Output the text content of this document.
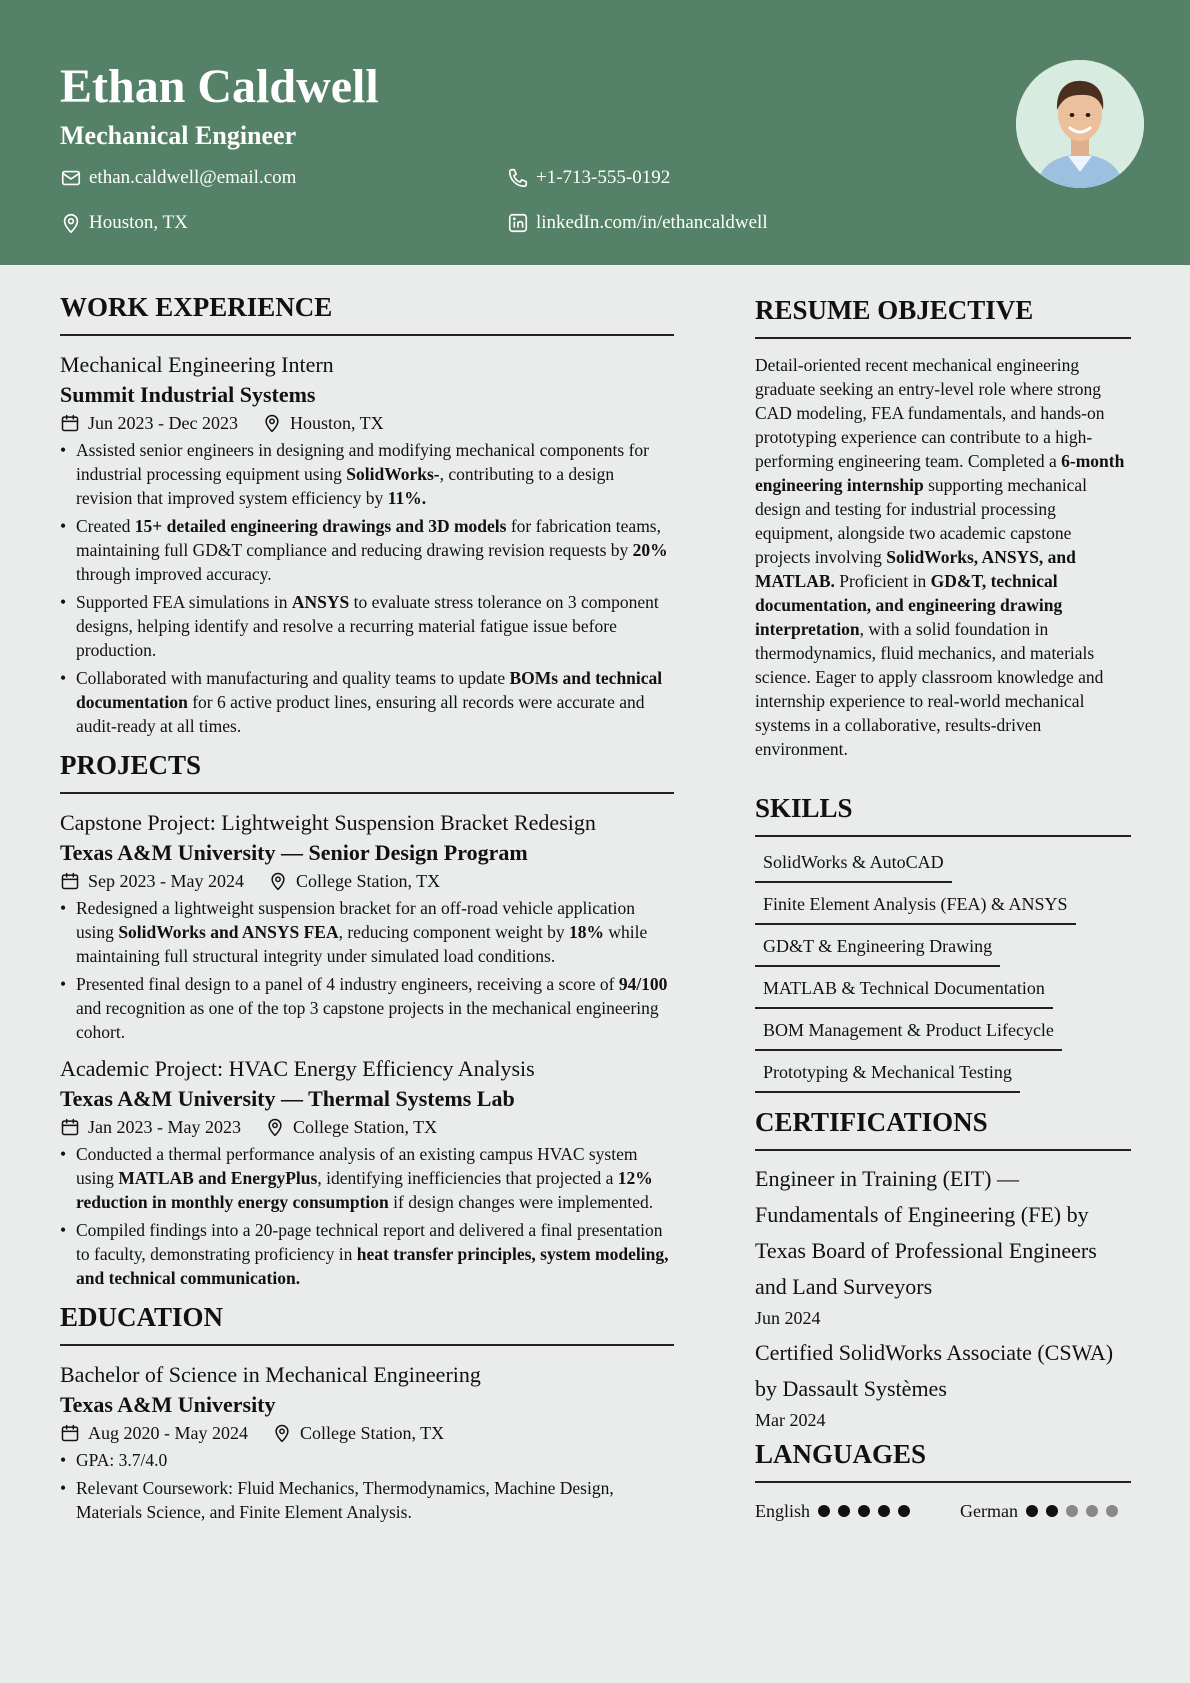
Ethan Caldwell
Mechanical Engineer
ethan.caldwell@email.com	+1-713-555-0192
Houston, TX	linkedIn.com/in/ethancaldwell
WORK EXPERIENCE
Mechanical Engineering Intern
Summit Industrial Systems
Jun 2023 - Dec 2023	Houston, TX
• Assisted senior engineers in designing and modifying mechanical components for industrial processing equipment using SolidWorks-, contributing to a design revision that improved system efficiency by 11%.
• Created 15+ detailed engineering drawings and 3D models for fabrication teams, maintaining full GD&T compliance and reducing drawing revision requests by 20% through improved accuracy.
• Supported FEA simulations in ANSYS to evaluate stress tolerance on 3 component designs, helping identify and resolve a recurring material fatigue issue before production.
• Collaborated with manufacturing and quality teams to update BOMs and technical documentation for 6 active product lines, ensuring all records were accurate and audit-ready at all times.
PROJECTS
Capstone Project: Lightweight Suspension Bracket Redesign
Texas A&M University — Senior Design Program
Sep 2023 - May 2024	College Station, TX
• Redesigned a lightweight suspension bracket for an off-road vehicle application using SolidWorks and ANSYS FEA, reducing component weight by 18% while maintaining full structural integrity under simulated load conditions.
• Presented final design to a panel of 4 industry engineers, receiving a score of 94/100 and recognition as one of the top 3 capstone projects in the mechanical engineering cohort.
Academic Project: HVAC Energy Efficiency Analysis
Texas A&M University — Thermal Systems Lab
Jan 2023 - May 2023	College Station, TX
• Conducted a thermal performance analysis of an existing campus HVAC system using MATLAB and EnergyPlus, identifying inefficiencies that projected a 12% reduction in monthly energy consumption if design changes were implemented.
• Compiled findings into a 20-page technical report and delivered a final presentation to faculty, demonstrating proficiency in heat transfer principles, system modeling, and technical communication.
EDUCATION
Bachelor of Science in Mechanical Engineering
Texas A&M University
Aug 2020 - May 2024	College Station, TX
• GPA: 3.7/4.0
• Relevant Coursework: Fluid Mechanics, Thermodynamics, Machine Design, Materials Science, and Finite Element Analysis.
RESUME OBJECTIVE
Detail-oriented recent mechanical engineering graduate seeking an entry-level role where strong CAD modeling, FEA fundamentals, and hands-on prototyping experience can contribute to a high-performing engineering team. Completed a 6-month engineering internship supporting mechanical design and testing for industrial processing equipment, alongside two academic capstone projects involving SolidWorks, ANSYS, and MATLAB. Proficient in GD&T, technical documentation, and engineering drawing interpretation, with a solid foundation in thermodynamics, fluid mechanics, and materials science. Eager to apply classroom knowledge and internship experience to real-world mechanical systems in a collaborative, results-driven environment.
SKILLS
SolidWorks & AutoCAD
Finite Element Analysis (FEA) & ANSYS
GD&T & Engineering Drawing
MATLAB & Technical Documentation
BOM Management & Product Lifecycle
Prototyping & Mechanical Testing
CERTIFICATIONS
Engineer in Training (EIT) — Fundamentals of Engineering (FE) by Texas Board of Professional Engineers and Land Surveyors
Jun 2024
Certified SolidWorks Associate (CSWA) by Dassault Systèmes
Mar 2024
LANGUAGES
English	German
